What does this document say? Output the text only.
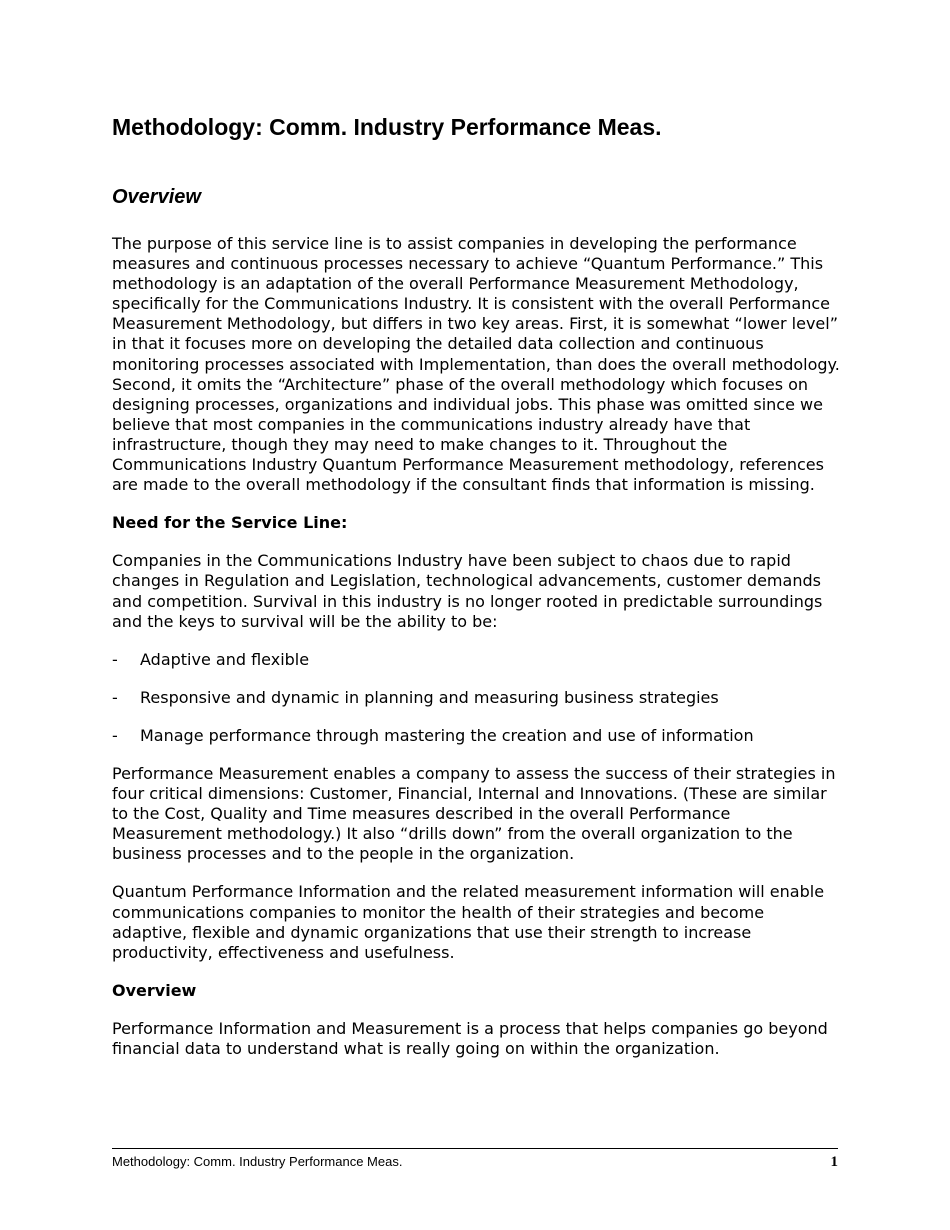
Methodology: Comm. Industry Performance Meas.
Overview

The purpose of this service line is to assist companies in developing the performance measures and continuous processes necessary to achieve “Quantum Performance.” This methodology is an adaptation of the overall Performance Measurement Methodology, specifically for the Communications Industry. It is consistent with the overall Performance Measurement Methodology, but differs in two key areas. First, it is somewhat “lower level” in that it focuses more on developing the detailed data collection and continuous monitoring processes associated with Implementation, than does the overall methodology. Second, it omits the “Architecture” phase of the overall methodology which focuses on designing processes, organizations and individual jobs. This phase was omitted since we believe that most companies in the communications industry already have that infrastructure, though they may need to make changes to it. Throughout the Communications Industry Quantum Performance Measurement methodology, references are made to the overall methodology if the consultant finds that information is missing.

Need for the Service Line:

Companies in the Communications Industry have been subject to chaos due to rapid changes in Regulation and Legislation, technological advancements, customer demands and competition. Survival in this industry is no longer rooted in predictable surroundings and the keys to survival will be the ability to be:

-	Adaptive and flexible
-	Responsive and dynamic in planning and measuring business strategies
-	Manage performance through mastering the creation and use of information

Performance Measurement enables a company to assess the success of their strategies in four critical dimensions: Customer, Financial, Internal and Innovations. (These are similar to the Cost, Quality and Time measures described in the overall Performance Measurement methodology.) It also “drills down” from the overall organization to the business processes and to the people in the organization.

Quantum Performance Information and the related measurement information will enable communications companies to monitor the health of their strategies and become adaptive, flexible and dynamic organizations that use their strength to increase productivity, effectiveness and usefulness.

Overview

Performance Information and Measurement is a process that helps companies go beyond financial data to understand what is really going on within the organization.

Methodology: Comm. Industry Performance Meas.	1
